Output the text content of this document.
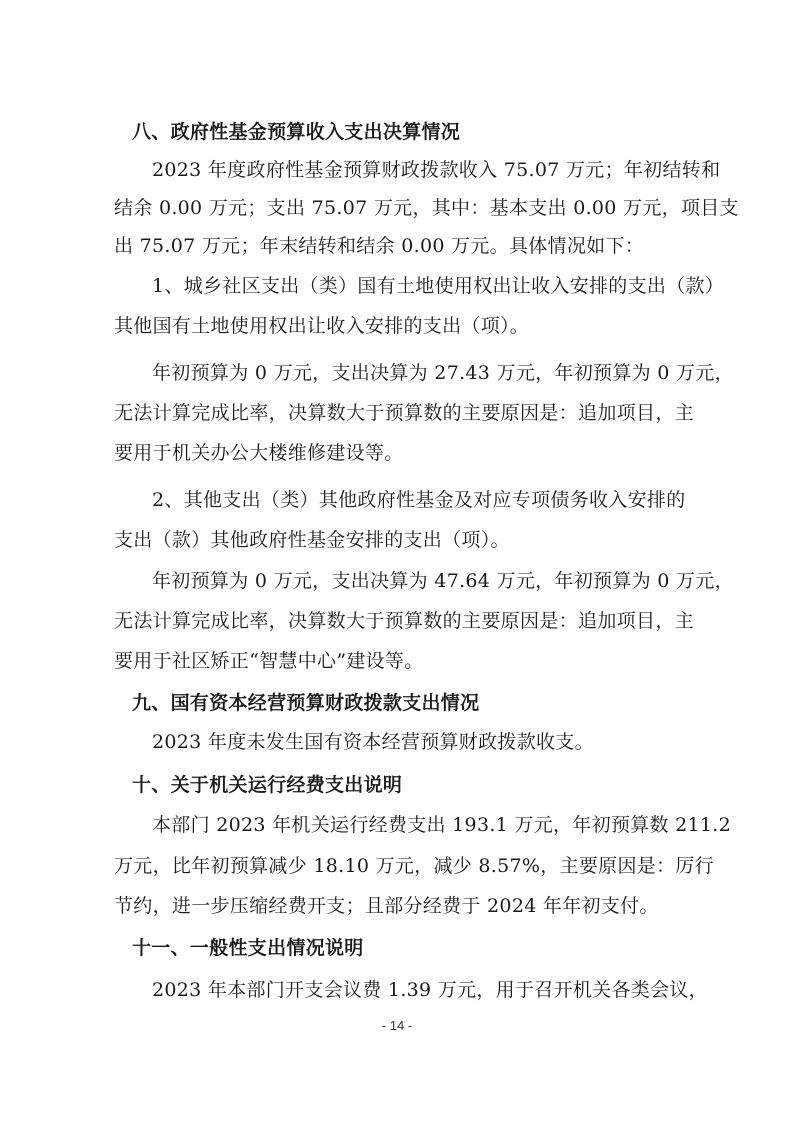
八、政府性基金预算收入支出决算情况
2023 年度政府性基金预算财政拨款收入 75.07 万元；年初结转和
结余 0.00 万元；支出 75.07 万元，其中：基本支出 0.00 万元，项目支
出 75.07 万元；年末结转和结余 0.00 万元。具体情况如下：
1、城乡社区支出（类）国有土地使用权出让收入安排的支出（款）
其他国有土地使用权出让收入安排的支出（项）。
年初预算为 0 万元，支出决算为 27.43 万元，年初预算为 0 万元，
无法计算完成比率，决算数大于预算数的主要原因是：追加项目，主
要用于机关办公大楼维修建设等。
2、其他支出（类）其他政府性基金及对应专项债务收入安排的
支出（款）其他政府性基金安排的支出（项）。
年初预算为 0 万元，支出决算为 47.64 万元，年初预算为 0 万元，
无法计算完成比率，决算数大于预算数的主要原因是：追加项目，主
要用于社区矫正“智慧中心”建设等。
九、国有资本经营预算财政拨款支出情况
2023 年度未发生国有资本经营预算财政拨款收支。
十、关于机关运行经费支出说明
本部门 2023 年机关运行经费支出 193.1 万元，年初预算数 211.2
万元，比年初预算减少 18.10 万元，减少 8.57%，主要原因是：厉行
节约，进一步压缩经费开支；且部分经费于 2024 年年初支付。
十一、一般性支出情况说明
2023 年本部门开支会议费 1.39 万元，用于召开机关各类会议，
- 14 -
